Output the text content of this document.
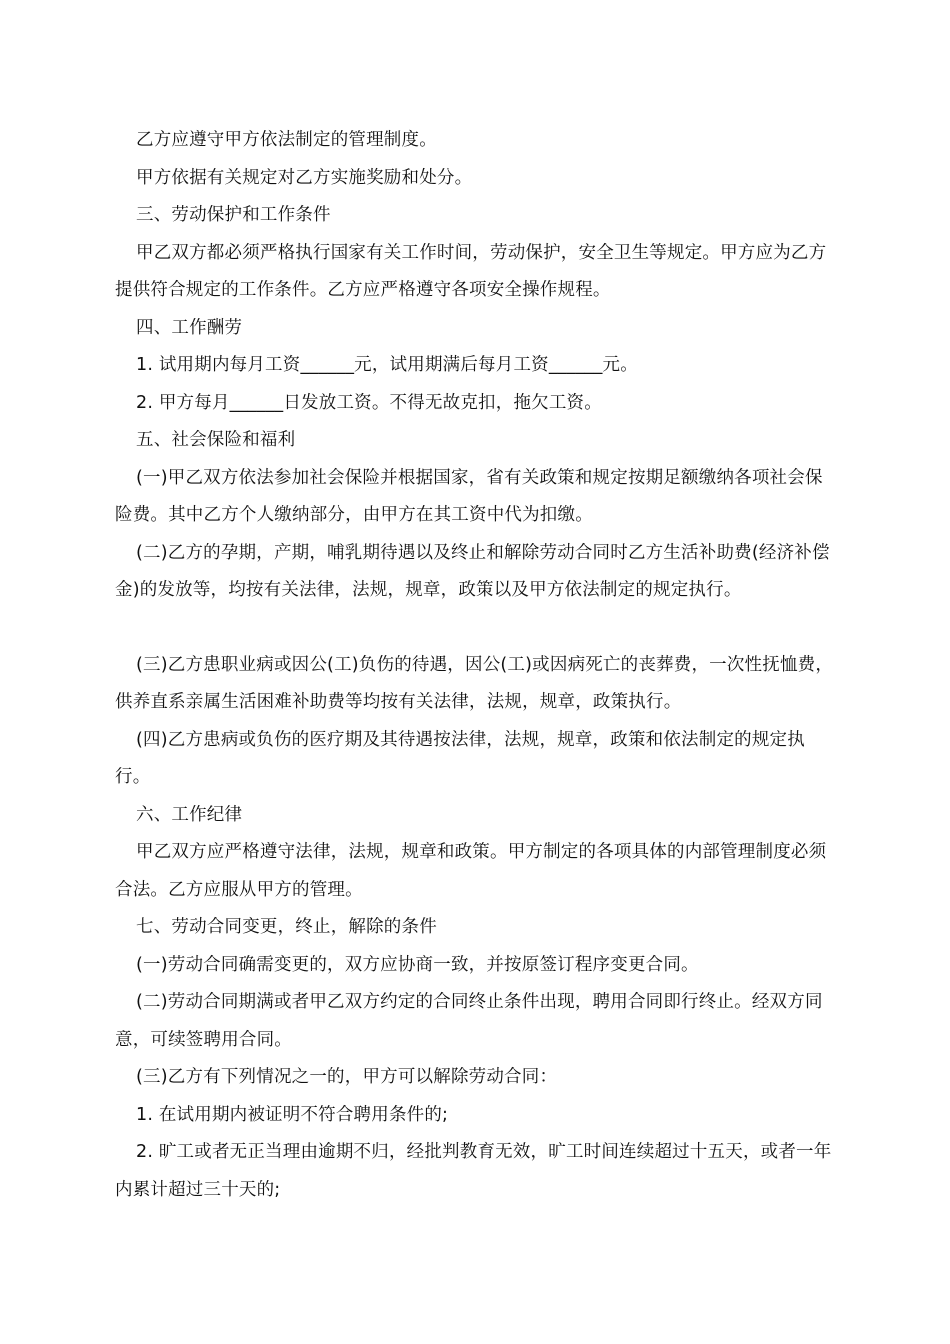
乙方应遵守甲方依法制定的管理制度。

甲方依据有关规定对乙方实施奖励和处分。

三、劳动保护和工作条件

甲乙双方都必须严格执行国家有关工作时间，劳动保护，安全卫生等规定。甲方应为乙方提供符合规定的工作条件。乙方应严格遵守各项安全操作规程。

四、工作酬劳

1. 试用期内每月工资______元，试用期满后每月工资______元。

2. 甲方每月______日发放工资。不得无故克扣，拖欠工资。

五、社会保险和福利

(一)甲乙双方依法参加社会保险并根据国家，省有关政策和规定按期足额缴纳各项社会保险费。其中乙方个人缴纳部分，由甲方在其工资中代为扣缴。

(二)乙方的孕期，产期，哺乳期待遇以及终止和解除劳动合同时乙方生活补助费(经济补偿金)的发放等，均按有关法律，法规，规章，政策以及甲方依法制定的规定执行。

(三)乙方患职业病或因公(工)负伤的待遇，因公(工)或因病死亡的丧葬费，一次性抚恤费，供养直系亲属生活困难补助费等均按有关法律，法规，规章，政策执行。

(四)乙方患病或负伤的医疗期及其待遇按法律，法规，规章，政策和依法制定的规定执行。

六、工作纪律

甲乙双方应严格遵守法律，法规，规章和政策。甲方制定的各项具体的内部管理制度必须合法。乙方应服从甲方的管理。

七、劳动合同变更，终止，解除的条件

(一)劳动合同确需变更的，双方应协商一致，并按原签订程序变更合同。

(二)劳动合同期满或者甲乙双方约定的合同终止条件出现，聘用合同即行终止。经双方同意，可续签聘用合同。

(三)乙方有下列情况之一的，甲方可以解除劳动合同：

1. 在试用期内被证明不符合聘用条件的;

2. 旷工或者无正当理由逾期不归，经批判教育无效，旷工时间连续超过十五天，或者一年内累计超过三十天的;
